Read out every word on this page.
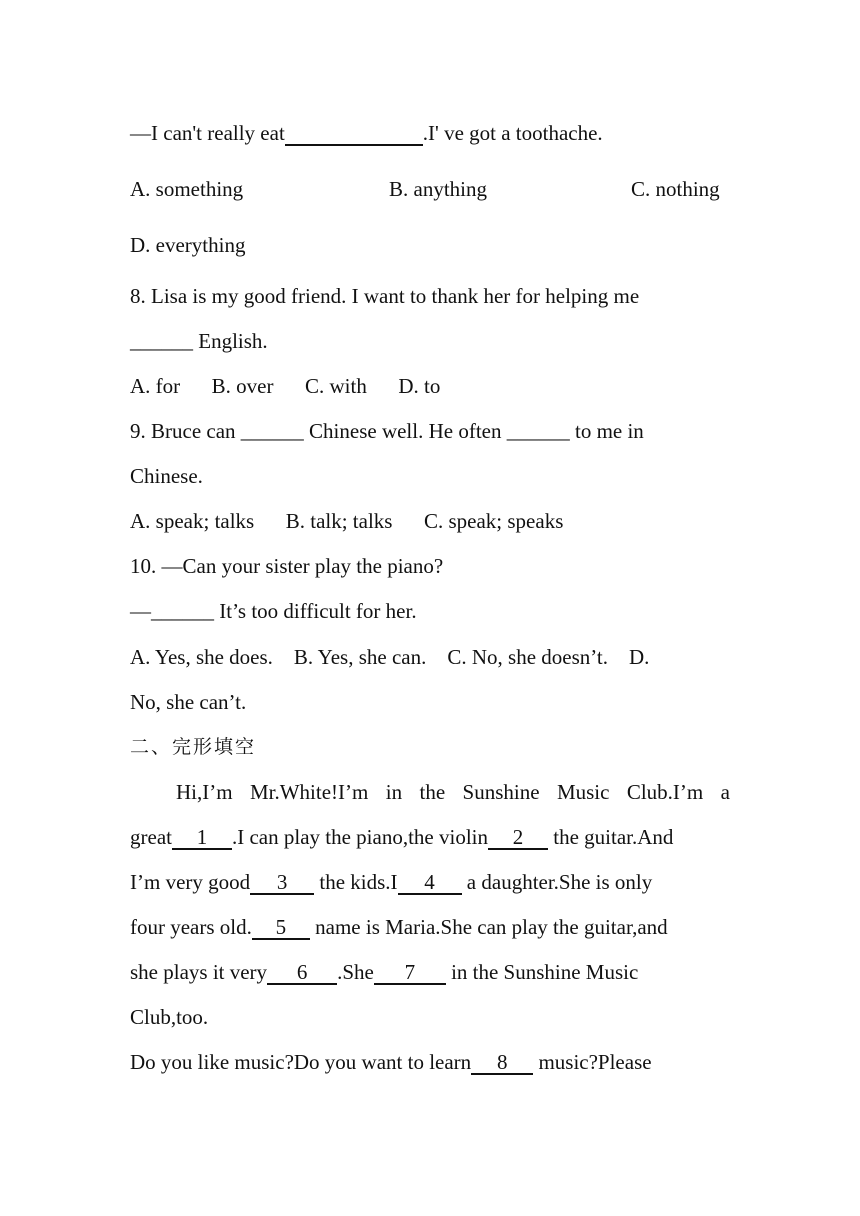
—I can't really eat	.I' ve got a toothache.
A. something	B. anything	C. nothing
D. everything
8. Lisa is my good friend. I want to thank her for helping me
______ English.
A. for      B. over      C. with      D. to
9. Bruce can ______ Chinese well. He often ______ to me in
Chinese.
A. speak; talks      B. talk; talks      C. speak; speaks
10. —Can your sister play the piano?
—______ It’s too difficult for her.
A. Yes, she does.    B. Yes, she can.    C. No, she doesn’t.    D.
No, she can’t.
二、完形填空
Hi,I’m Mr.White!I’m in the Sunshine Music Club.I’m a
great 1 .I can play the piano,the violin 2 the guitar.And
I’m very good 3 the kids.I 4 a daughter.She is only
four years old. 5 name is Maria.She can play the guitar,and
she plays it very 6 .She 7 in the Sunshine Music
Club,too.
Do you like music?Do you want to learn 8 music?Please
